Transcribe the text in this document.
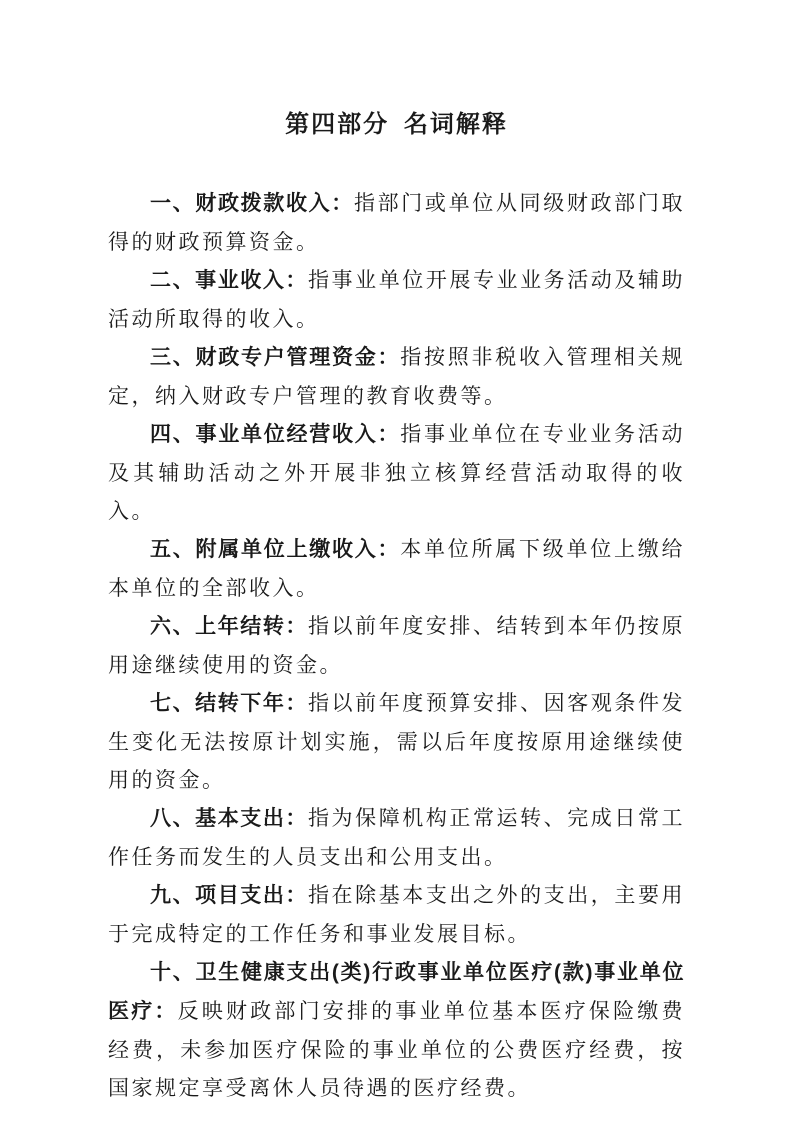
第四部分 名词解释

一、财政拨款收入：指部门或单位从同级财政部门取得的财政预算资金。

二、事业收入：指事业单位开展专业业务活动及辅助活动所取得的收入。

三、财政专户管理资金：指按照非税收入管理相关规定，纳入财政专户管理的教育收费等。

四、事业单位经营收入：指事业单位在专业业务活动及其辅助活动之外开展非独立核算经营活动取得的收入。

五、附属单位上缴收入：本单位所属下级单位上缴给本单位的全部收入。

六、上年结转：指以前年度安排、结转到本年仍按原用途继续使用的资金。

七、结转下年：指以前年度预算安排、因客观条件发生变化无法按原计划实施，需以后年度按原用途继续使用的资金。

八、基本支出：指为保障机构正常运转、完成日常工作任务而发生的人员支出和公用支出。

九、项目支出：指在除基本支出之外的支出，主要用于完成特定的工作任务和事业发展目标。

十、卫生健康支出(类)行政事业单位医疗(款)事业单位医疗：反映财政部门安排的事业单位基本医疗保险缴费经费，未参加医疗保险的事业单位的公费医疗经费，按国家规定享受离休人员待遇的医疗经费。
